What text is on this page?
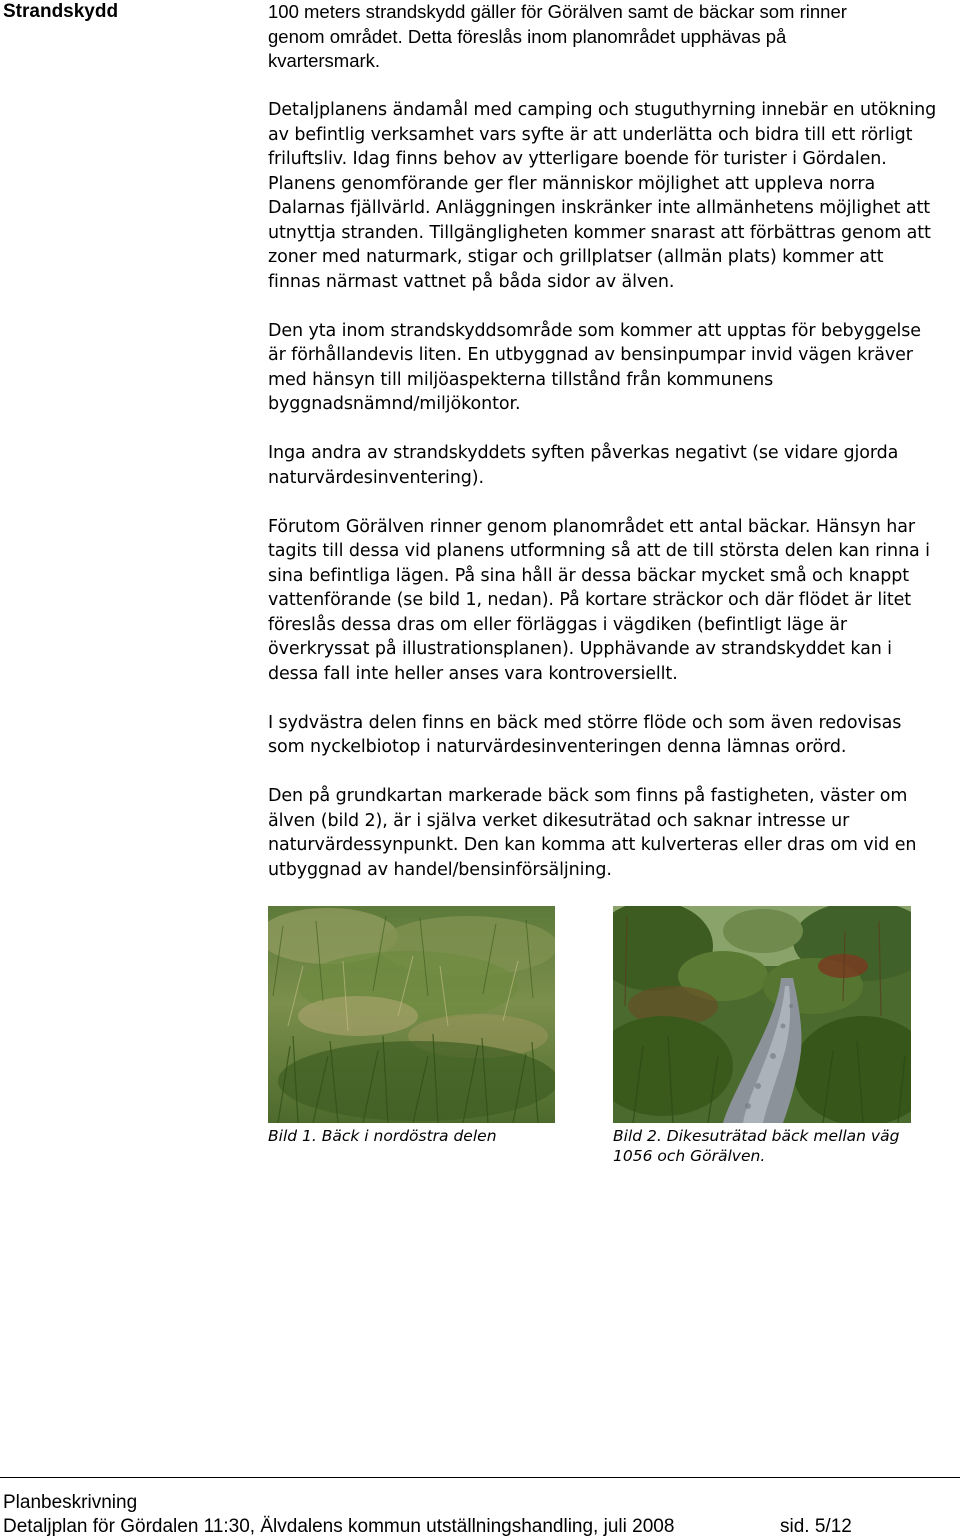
Strandskydd	100 meters strandskydd gäller för Görälven samt de bäckar som rinner
genom området. Detta föreslås inom planområdet upphävas på
kvartersmark.

Detaljplanens ändamål med camping och stuguthyrning innebär en utökning
av befintlig verksamhet vars syfte är att underlätta och bidra till ett rörligt
friluftsliv. Idag finns behov av ytterligare boende för turister i Gördalen.
Planens genomförande ger fler människor möjlighet att uppleva norra
Dalarnas fjällvärld. Anläggningen inskränker inte allmänhetens möjlighet att
utnyttja stranden. Tillgängligheten kommer snarast att förbättras genom att
zoner med naturmark, stigar och grillplatser (allmän plats) kommer att
finnas närmast vattnet på båda sidor av älven.

Den yta inom strandskyddsområde som kommer att upptas för bebyggelse
är förhållandevis liten. En utbyggnad av bensinpumpar invid vägen kräver
med hänsyn till miljöaspekterna tillstånd från kommunens
byggnadsnämnd/miljökontor.

Inga andra av strandskyddets syften påverkas negativt (se vidare gjorda
naturvärdesinventering).

Förutom Görälven rinner genom planområdet ett antal bäckar. Hänsyn har
tagits till dessa vid planens utformning så att de till största delen kan rinna i
sina befintliga lägen. På sina håll är dessa bäckar mycket små och knappt
vattenförande (se bild 1, nedan). På kortare sträckor och där flödet är litet
föreslås dessa dras om eller förläggas i vägdiken (befintligt läge är
överkryssat på illustrationsplanen). Upphävande av strandskyddet kan i
dessa fall inte heller anses vara kontroversiellt.

I sydvästra delen finns en bäck med större flöde och som även redovisas
som nyckelbiotop i naturvärdesinventeringen denna lämnas orörd.

Den på grundkartan markerade bäck som finns på fastigheten, väster om
älven (bild 2), är i själva verket dikesuträtad och saknar intresse ur
naturvärdessynpunkt. Den kan komma att kulverteras eller dras om vid en
utbyggnad av handel/bensinförsäljning.

Bild 1. Bäck i nordöstra delen	Bild 2. Dikesuträtad bäck mellan väg
1056 och Görälven.
Planbeskrivning
Detaljplan för Gördalen 11:30, Älvdalens kommun utställningshandling, juli 2008	sid. 5/12
